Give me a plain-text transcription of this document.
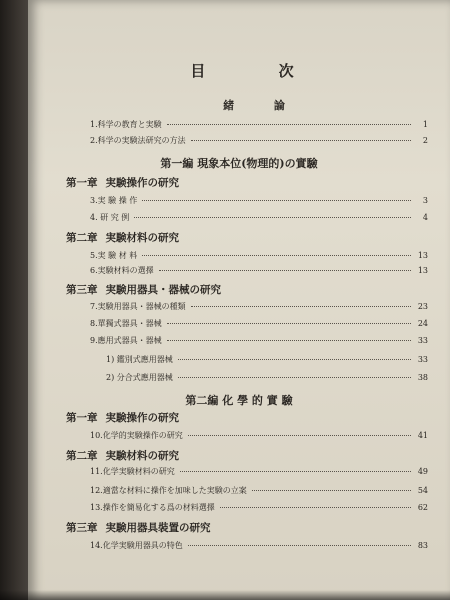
目 次
緒 論
1.科学の教育と実験	1
2.科学の実験法研究の方法	2
第一編 現象本位(物理的)の實驗
第一章 実験操作の研究
3.実 驗 操 作	3
4. 研 究 例	4
第二章 実験材料の研究
5.実 驗 材 料	13
6.実験材料の選擇	13
第三章 実験用器具・器械の研究
7.実験用器具・器械の種類	23
8.單獨式器具・器械	24
9.應用式器具・器械	33
1) 鑑別式應用器械	33
2) 分合式應用器械	38
第二編 化 學 的 實 驗
第一章 実験操作の研究
10.化学的実験操作の研究	41
第二章 実験材料の研究
11.化学実験材料の研究	49
12.適當な材料に操作を加味した実験の立案	54
13.操作を簡易化する爲の材料選擇	62
第三章 実験用器具裝置の研究
14.化学実験用器具の特色	83
